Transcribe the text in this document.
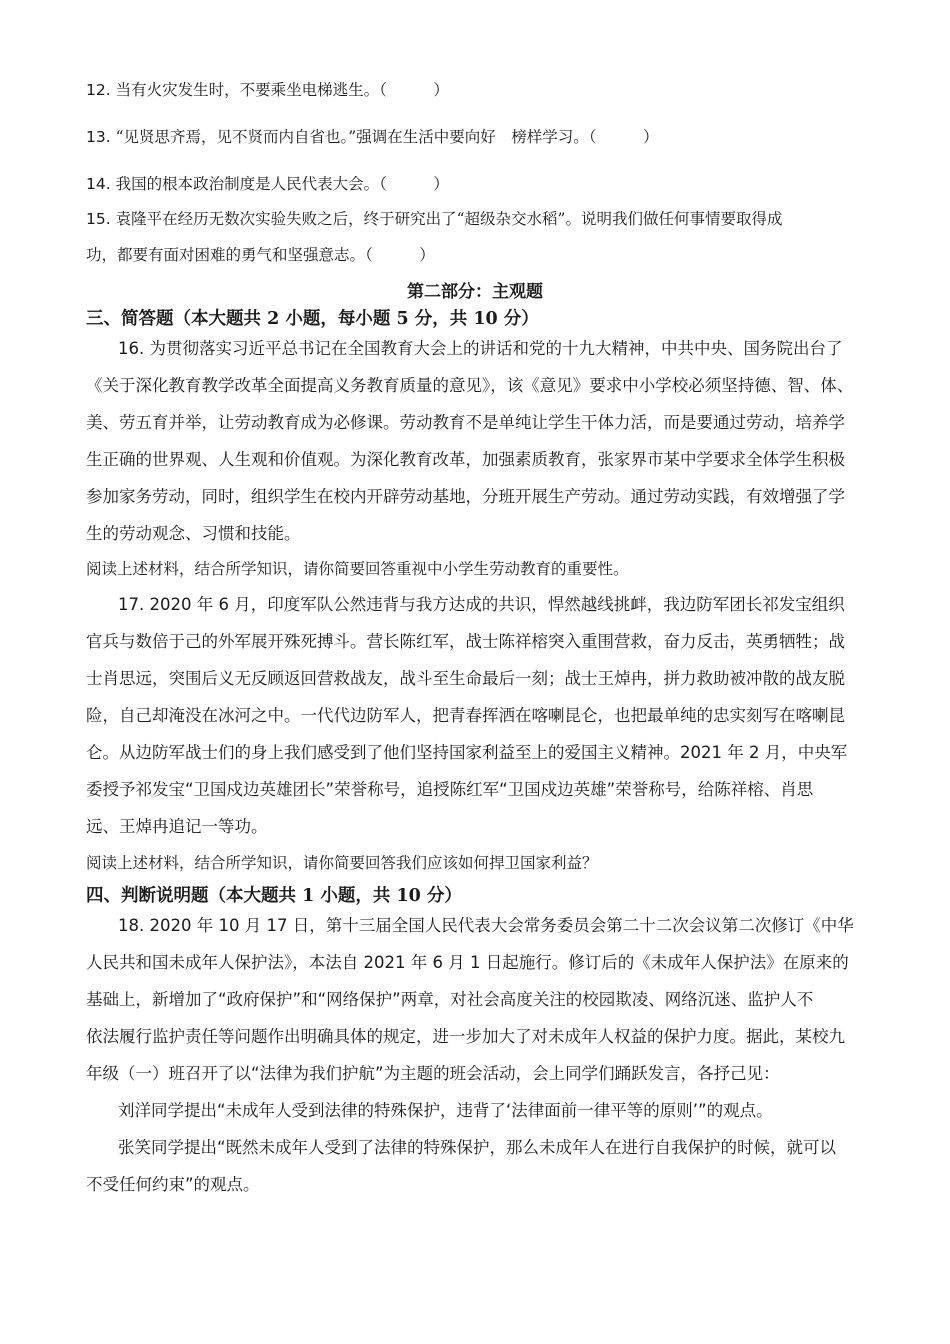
12. 当有火灾发生时，不要乘坐电梯逃生。（　　　）
13. “见贤思齐焉，见不贤而内自省也。”强调在生活中要向好　榜样学习。（　　　）
14. 我国的根本政治制度是人民代表大会。（　　　）
15. 袁隆平在经历无数次实验失败之后，终于研究出了“超级杂交水稻”。说明我们做任何事情要取得成
功，都要有面对困难的勇气和坚强意志。（　　　）
第二部分：主观题
三、简答题（本大题共 2 小题，每小题 5 分，共 10 分）
16. 为贯彻落实习近平总书记在全国教育大会上的讲话和党的十九大精神，中共中央、国务院出台了
《关于深化教育教学改革全面提高义务教育质量的意见》，该《意见》要求中小学校必须坚持德、智、体、
美、劳五育并举，让劳动教育成为必修课。劳动教育不是单纯让学生干体力活，而是要通过劳动，培养学
生正确的世界观、人生观和价值观。为深化教育改革，加强素质教育，张家界市某中学要求全体学生积极
参加家务劳动，同时，组织学生在校内开辟劳动基地，分班开展生产劳动。通过劳动实践，有效增强了学
生的劳动观念、习惯和技能。
阅读上述材料，结合所学知识，请你简要回答重视中小学生劳动教育的重要性。
17. 2020 年 6 月，印度军队公然违背与我方达成的共识，悍然越线挑衅，我边防军团长祁发宝组织
官兵与数倍于己的外军展开殊死搏斗。营长陈红军，战士陈祥榕突入重围营救，奋力反击，英勇牺牲；战
士肖思远，突围后义无反顾返回营救战友，战斗至生命最后一刻；战士王焯冉，拼力救助被冲散的战友脱
险，自己却淹没在冰河之中。一代代边防军人，把青春挥洒在喀喇昆仑，也把最单纯的忠实刻写在喀喇昆
仑。从边防军战士们的身上我们感受到了他们坚持国家利益至上的爱国主义精神。2021 年 2 月，中央军
委授予祁发宝“卫国戍边英雄团长”荣誉称号，追授陈红军“卫国戍边英雄”荣誉称号，给陈祥榕、肖思
远、王焯冉追记一等功。
阅读上述材料，结合所学知识，请你简要回答我们应该如何捍卫国家利益？
四、判断说明题（本大题共 1 小题，共 10 分）
18. 2020 年 10 月 17 日，第十三届全国人民代表大会常务委员会第二十二次会议第二次修订《中华
人民共和国未成年人保护法》，本法自 2021 年 6 月 1 日起施行。修订后的《未成年人保护法》在原来的
基础上，新增加了“政府保护”和“网络保护”两章，对社会高度关注的校园欺凌、网络沉迷、监护人不
依法履行监护责任等问题作出明确具体的规定，进一步加大了对未成年人权益的保护力度。据此，某校九
年级（一）班召开了以“法律为我们护航”为主题的班会活动，会上同学们踊跃发言，各抒己见：
刘洋同学提出“未成年人受到法律的特殊保护，违背了‘法律面前一律平等的原则’”的观点。
张笑同学提出“既然未成年人受到了法律的特殊保护，那么未成年人在进行自我保护的时候，就可以
不受任何约束”的观点。
